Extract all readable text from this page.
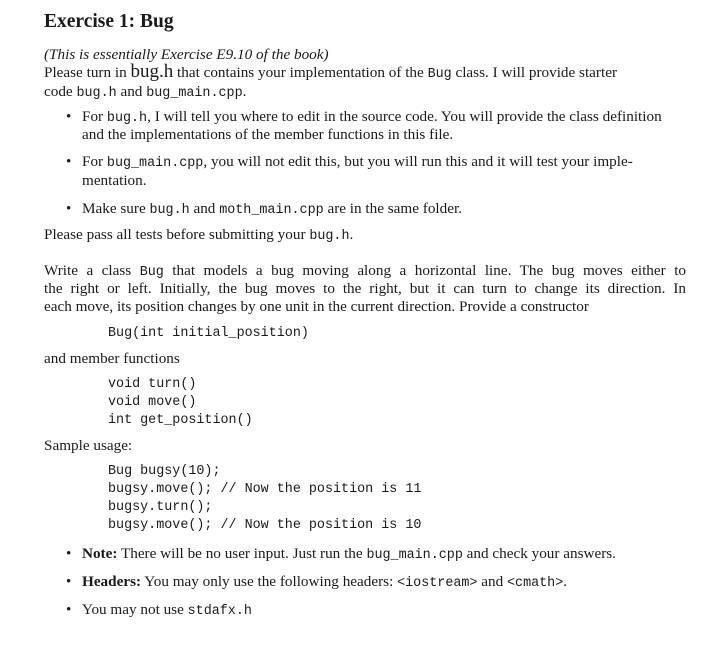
Exercise 1: Bug
(This is essentially Exercise E9.10 of the book)
Please turn in bug.h that contains your implementation of the Bug class. I will provide starter
code bug.h and bug_main.cpp.
• For bug.h, I will tell you where to edit in the source code. You will provide the class definition
and the implementations of the member functions in this file.
• For bug_main.cpp, you will not edit this, but you will run this and it will test your imple-
mentation.
• Make sure bug.h and moth_main.cpp are in the same folder.
Please pass all tests before submitting your bug.h.
Write a class Bug that models a bug moving along a horizontal line. The bug moves either to
the right or left. Initially, the bug moves to the right, but it can turn to change its direction. In
each move, its position changes by one unit in the current direction. Provide a constructor
Bug(int initial_position)
and member functions
void turn()
void move()
int get_position()
Sample usage:
Bug bugsy(10);
bugsy.move(); // Now the position is 11
bugsy.turn();
bugsy.move(); // Now the position is 10
• Note: There will be no user input. Just run the bug_main.cpp and check your answers.
• Headers: You may only use the following headers: <iostream> and <cmath>.
• You may not use stdafx.h
